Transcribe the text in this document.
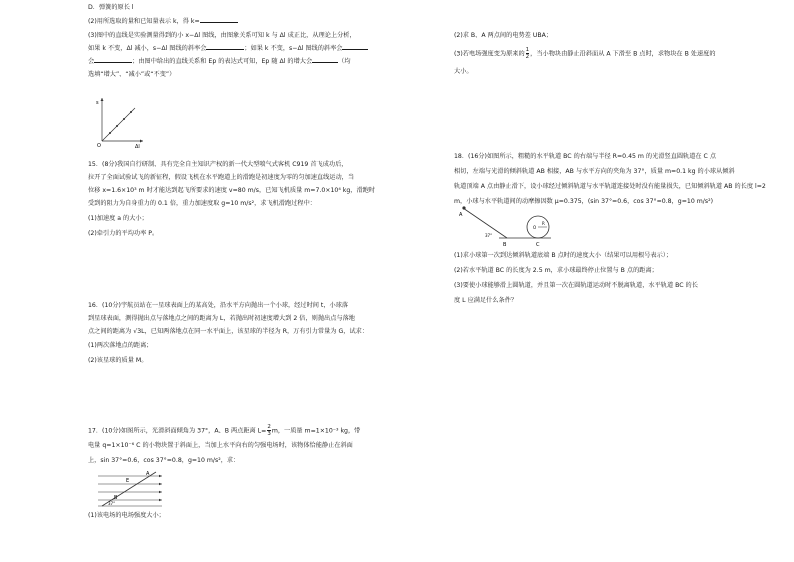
D．弹簧的原长 l
(2)用所选取的量和已知量表示 k，得 k=
(3)图中的直线是实验测量得到的小 x−Δl 图线，由图象关系可知 k 与 Δl 成正比，从理论上分析，
如果 k 不变，Δl 减小，s−Δl 图线的斜率会	；如果 k 不变，s−Δl 图线的斜率会
会	；由图中给出的直线关系和 Ep 的表达式可知，Ep 随 Δl 的增大会	（均
选填“增大”、“减小”或“不变”）
15．(8分)我国自行研制、具有完全自主知识产权的新一代大型喷气式客机 C919 首飞成功后，
拉开了全面试验试飞的新征程，假设飞机在水平跑道上的滑跑是初速度为零的匀加速直线运动，当
位移 x=1.6×10³ m 时才能达到起飞所要求的速度 v=80 m/s，已知飞机质量 m=7.0×10⁴ kg，滑跑时
受到的阻力为自身重力的 0.1 倍，重力加速度取 g=10 m/s²，求飞机滑跑过程中：
(1)加速度 a 的大小；
(2)牵引力的平均功率 P。
16．(10分)宇航员站在一星球表面上的某高处，沿水平方向抛出一个小球，经过时间 t，小球落
到星球表面，测得抛出点与落地点之间的距离为 L，若抛出时初速度增大到 2 倍，则抛出点与落地
点之间的距离为 √3L，已知两落地点在同一水平面上，该星球的半径为 R，万有引力常量为 G，试求：
(1)两次落地点的距离；
(2)该星球的质量 M。
17．(10分)如图所示，光滑斜面倾角为 37°，A、B 两点距离 $L= \frac{2}{3}$ m，一质量 m=1×10⁻³ kg，带
电量 q=1×10⁻⁶ C 的小物块置于斜面上，当加上水平向右的匀强电场时，该物体恰能静止在斜面
上，sin 37°=0.6，cos 37°=0.8，g=10 m/s²，求：
(1)该电场的电场强度大小；
s
O	Δl
A
B
E
37°
(2)求 B、A 两点间的电势差 UBA；
(3)若电场强度变为原来的 $\frac{1}{2}$ ，当小物块由静止沿斜面从 A 下滑至 B 点时，求物块在 B 处速度的
大小。
18．(16分)如图所示，粗糙的水平轨道 BC 的右端与半径 R=0.45 m 的光滑竖直圆轨道在 C 点
相切，左端与光滑的倾斜轨道 AB 相接，AB 与水平方向的夹角为 37°，质量 m=0.1 kg 的小球从倾斜
轨道顶端 A 点由静止滑下，设小球经过倾斜轨道与水平轨道连接处时没有能量损失，已知倾斜轨道 AB 的长度 l=2
m，小球与水平轨道间的动摩擦因数 μ=0.375，(sin 37°=0.6，cos 37°=0.8，g=10 m/s²)
(1)求小球第一次到达倾斜轨道底端 B 点时的速度大小（结果可以用根号表示）；
(2)若水平轨道 BC 的长度为 2.5 m，求小球最终停止位置与 B 点的距离；
(3)要使小球能够滑上圆轨道，并且第一次在圆轨道运动时不脱离轨道，水平轨道 BC 的长
度 L 应满足什么条件？
A
B	C
37°
O
R
